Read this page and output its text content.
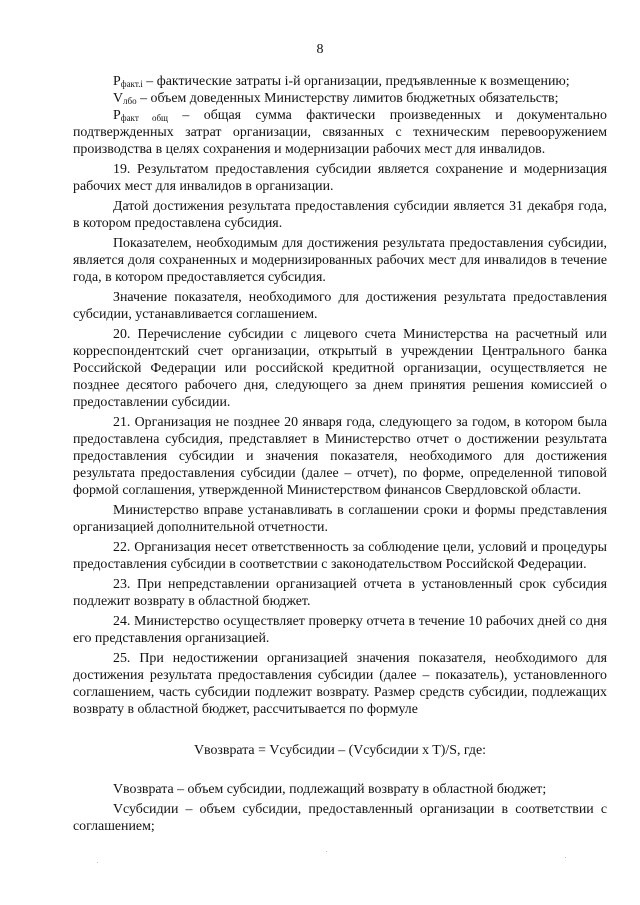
8

$P_{факт.i}$ – фактические затраты i-й организации, предъявленные к возмещению;

$V_{лбо}$ – объем доведенных Министерству лимитов бюджетных обязательств;

$P_{факт общ}$ – общая сумма фактически произведенных и документально подтвержденных затрат организации, связанных с техническим перевооружением производства в целях сохранения и модернизации рабочих мест для инвалидов.

19. Результатом предоставления субсидии является сохранение и модернизация рабочих мест для инвалидов в организации.

Датой достижения результата предоставления субсидии является 31 декабря года, в котором предоставлена субсидия.

Показателем, необходимым для достижения результата предоставления субсидии, является доля сохраненных и модернизированных рабочих мест для инвалидов в течение года, в котором предоставляется субсидия.

Значение показателя, необходимого для достижения результата предоставления субсидии, устанавливается соглашением.

20. Перечисление субсидии с лицевого счета Министерства на расчетный или корреспондентский счет организации, открытый в учреждении Центрального банка Российской Федерации или российской кредитной организации, осуществляется не позднее десятого рабочего дня, следующего за днем принятия решения комиссией о предоставлении субсидии.

21. Организация не позднее 20 января года, следующего за годом, в котором была предоставлена субсидия, представляет в Министерство отчет о достижении результата предоставления субсидии и значения показателя, необходимого для достижения результата предоставления субсидии (далее – отчет), по форме, определенной типовой формой соглашения, утвержденной Министерством финансов Свердловской области.

Министерство вправе устанавливать в соглашении сроки и формы представления организацией дополнительной отчетности.

22. Организация несет ответственность за соблюдение цели, условий и процедуры предоставления субсидии в соответствии с законодательством Российской Федерации.

23. При непредставлении организацией отчета в установленный срок субсидия подлежит возврату в областной бюджет.

24. Министерство осуществляет проверку отчета в течение 10 рабочих дней со дня его представления организацией.

25. При недостижении организацией значения показателя, необходимого для достижения результата предоставления субсидии (далее – показатель), установленного соглашением, часть субсидии подлежит возврату. Размер средств субсидии, подлежащих возврату в областной бюджет, рассчитывается по формуле

Vвозврата = Vсубсидии – (Vсубсидии x T)/S, где:

Vвозврата – объем субсидии, подлежащий возврату в областной бюджет;

Vсубсидии – объем субсидии, предоставленный организации в соответствии с соглашением;
